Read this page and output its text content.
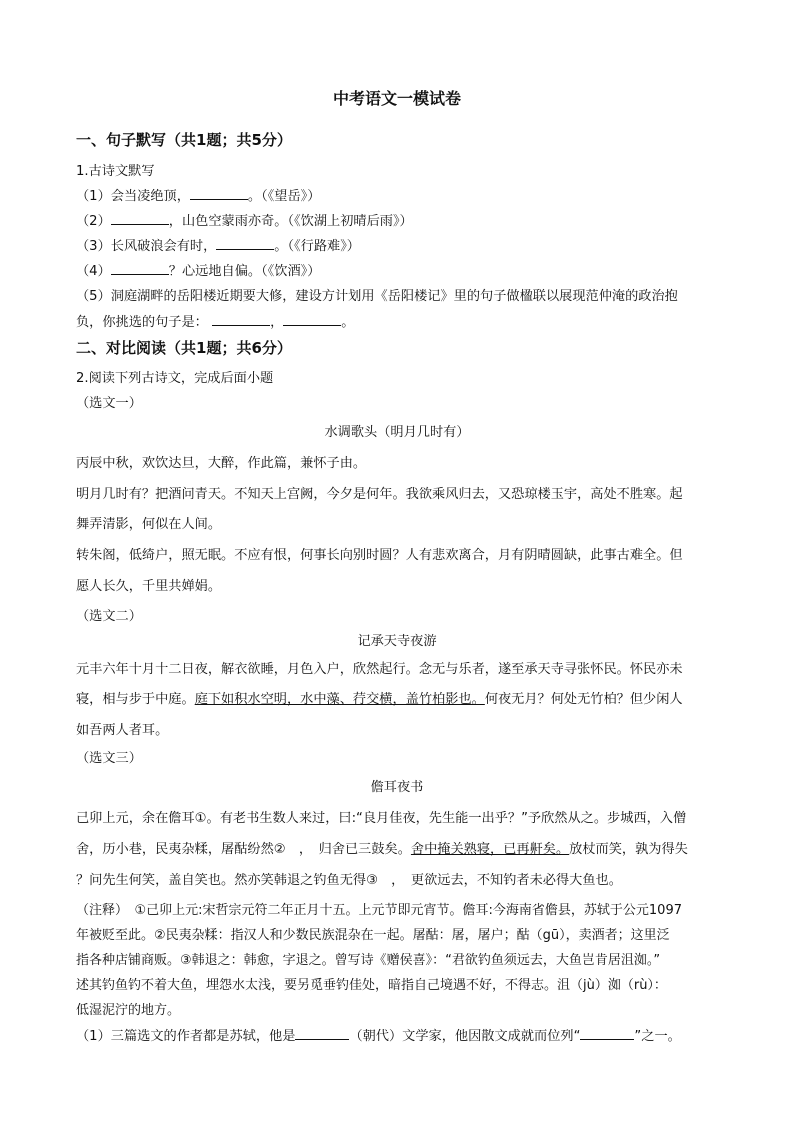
中考语文一模试卷
一、句子默写（共1题；共5分）
1.古诗文默写
（1）会当凌绝顶，	。（《望岳》）
（2）	，山色空蒙雨亦奇。（《饮湖上初晴后雨》）
（3）长风破浪会有时，	。（《行路难》）
（4）	？心远地自偏。（《饮酒》）
（5）洞庭湖畔的岳阳楼近期要大修，建设方计划用《岳阳楼记》里的句子做楹联以展现范仲淹的政治抱
负，你挑选的句子是：	，	。
二、对比阅读（共1题；共6分）
2.阅读下列古诗文，完成后面小题
（选文一）
水调歌头（明月几时有）
丙辰中秋，欢饮达旦，大醉，作此篇，兼怀子由。
明月几时有？把酒问青天。不知天上宫阙，今夕是何年。我欲乘风归去，又恐琼楼玉宇，高处不胜寒。起
舞弄清影，何似在人间。
转朱阁，低绮户，照无眠。不应有恨，何事长向别时圆？人有悲欢离合，月有阴晴圆缺，此事古难全。但
愿人长久，千里共婵娟。
（选文二）
记承天寺夜游
元丰六年十月十二日夜，解衣欲睡，月色入户，欣然起行。念无与乐者，遂至承天寺寻张怀民。怀民亦未
寝，相与步于中庭。庭下如积水空明，水中藻、荇交横，盖竹柏影也。何夜无月？何处无竹柏？但少闲人
如吾两人者耳。
（选文三）
儋耳夜书
己卯上元，余在儋耳①。有老书生数人来过，曰:“良月佳夜，先生能一出乎？”予欣然从之。步城西，入僧
舍，历小巷，民夷杂糅，屠酤纷然②　，　归舍已三鼓矣。舍中掩关熟寝，已再鼾矣。放杖而笑，孰为得失
？问先生何笑，盖自笑也。然亦笑韩退之钓鱼无得③　，　更欲远去，不知钓者未必得大鱼也。
（注释）　①己卯上元:宋哲宗元符二年正月十五。上元节即元宵节。儋耳:今海南省儋县，苏轼于公元1097
年被贬至此。②民夷杂糅：指汉人和少数民族混杂在一起。屠酤：屠，屠户；酤（gū），卖酒者；这里泛
指各种店铺商贩。③韩退之：韩愈，字退之。曾写诗《赠侯喜》：“君欲钓鱼须远去，大鱼岂肯居沮洳。”
述其钓鱼钓不着大鱼，埋怨水太浅，要另觅垂钓佳处，暗指自己境遇不好，不得志。沮（jù）洳（rù）：
低湿泥泞的地方。
（1）三篇选文的作者都是苏轼，他是	（朝代）文学家，他因散文成就而位列“	”之一。
